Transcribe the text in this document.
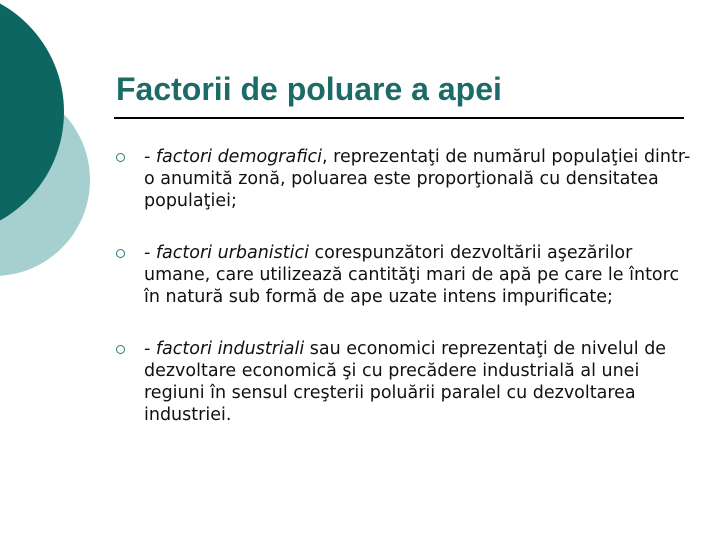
Factorii de poluare a apei
- factori demografici, reprezentaţi de numărul populaţiei dintr-o anumită zonă, poluarea este proporţională cu densitatea populaţiei;
- factori urbanistici corespunzători dezvoltării aşezărilor umane, care utilizează cantităţi mari de apă pe care le întorc în natură sub formă de ape uzate intens impurificate;
- factori industriali sau economici reprezentaţi de nivelul de dezvoltare economică şi cu precădere industrială al unei regiuni în sensul creşterii poluării paralel cu dezvoltarea industriei.
